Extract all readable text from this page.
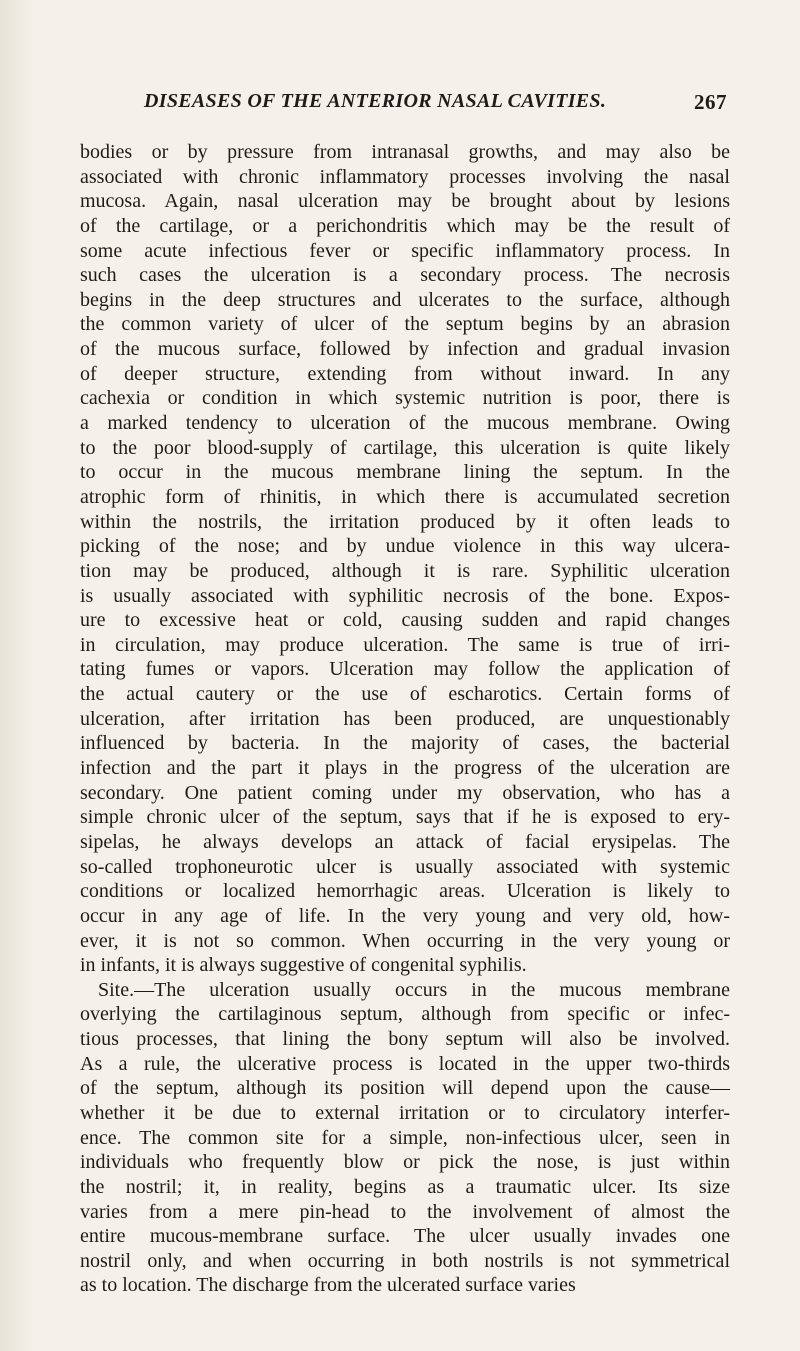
DISEASES OF THE ANTERIOR NASAL CAVITIES.	267
bodies or by pressure from intranasal growths, and may also be
associated with chronic inflammatory processes involving the nasal
mucosa. Again, nasal ulceration may be brought about by lesions
of the cartilage, or a perichondritis which may be the result of
some acute infectious fever or specific inflammatory process. In
such cases the ulceration is a secondary process. The necrosis
begins in the deep structures and ulcerates to the surface, although
the common variety of ulcer of the septum begins by an abrasion
of the mucous surface, followed by infection and gradual invasion
of deeper structure, extending from without inward. In any
cachexia or condition in which systemic nutrition is poor, there is
a marked tendency to ulceration of the mucous membrane. Owing
to the poor blood-supply of cartilage, this ulceration is quite likely
to occur in the mucous membrane lining the septum. In the
atrophic form of rhinitis, in which there is accumulated secretion
within the nostrils, the irritation produced by it often leads to
picking of the nose; and by undue violence in this way ulcera-
tion may be produced, although it is rare. Syphilitic ulceration
is usually associated with syphilitic necrosis of the bone. Expos-
ure to excessive heat or cold, causing sudden and rapid changes
in circulation, may produce ulceration. The same is true of irri-
tating fumes or vapors. Ulceration may follow the application of
the actual cautery or the use of escharotics. Certain forms of
ulceration, after irritation has been produced, are unquestionably
influenced by bacteria. In the majority of cases, the bacterial
infection and the part it plays in the progress of the ulceration are
secondary. One patient coming under my observation, who has a
simple chronic ulcer of the septum, says that if he is exposed to ery-
sipelas, he always develops an attack of facial erysipelas. The
so-called trophoneurotic ulcer is usually associated with systemic
conditions or localized hemorrhagic areas. Ulceration is likely to
occur in any age of life. In the very young and very old, how-
ever, it is not so common. When occurring in the very young or
in infants, it is always suggestive of congenital syphilis.
Site.—The ulceration usually occurs in the mucous membrane
overlying the cartilaginous septum, although from specific or infec-
tious processes, that lining the bony septum will also be involved.
As a rule, the ulcerative process is located in the upper two-thirds
of the septum, although its position will depend upon the cause—
whether it be due to external irritation or to circulatory interfer-
ence. The common site for a simple, non-infectious ulcer, seen in
individuals who frequently blow or pick the nose, is just within
the nostril; it, in reality, begins as a traumatic ulcer. Its size
varies from a mere pin-head to the involvement of almost the
entire mucous-membrane surface. The ulcer usually invades one
nostril only, and when occurring in both nostrils is not symmetrical
as to location. The discharge from the ulcerated surface varies
